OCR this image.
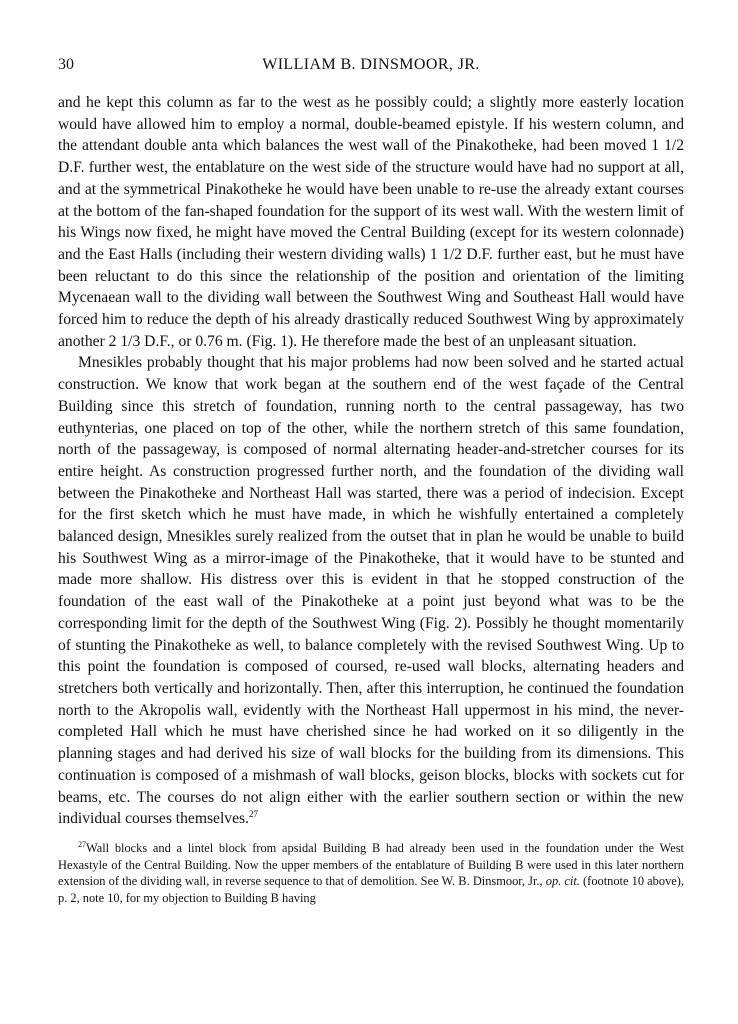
30	WILLIAM B. DINSMOOR, JR.

and he kept this column as far to the west as he possibly could; a slightly more easterly location would have allowed him to employ a normal, double-beamed epistyle. If his western column, and the attendant double anta which balances the west wall of the Pinakotheke, had been moved 1 1/2 D.F. further west, the entablature on the west side of the structure would have had no support at all, and at the symmetrical Pinakotheke he would have been unable to re-use the already extant courses at the bottom of the fan-shaped foundation for the support of its west wall. With the western limit of his Wings now fixed, he might have moved the Central Building (except for its western colonnade) and the East Halls (including their western dividing walls) 1 1/2 D.F. further east, but he must have been reluctant to do this since the relationship of the position and orientation of the limiting Mycenaean wall to the dividing wall between the Southwest Wing and Southeast Hall would have forced him to reduce the depth of his already drastically reduced Southwest Wing by approximately another 2 1/3 D.F., or 0.76 m. (Fig. 1). He therefore made the best of an unpleasant situation.

Mnesikles probably thought that his major problems had now been solved and he started actual construction. We know that work began at the southern end of the west façade of the Central Building since this stretch of foundation, running north to the central passageway, has two euthynterias, one placed on top of the other, while the northern stretch of this same foundation, north of the passageway, is composed of normal alternating header-and-stretcher courses for its entire height. As construction progressed further north, and the foundation of the dividing wall between the Pinakotheke and Northeast Hall was started, there was a period of indecision. Except for the first sketch which he must have made, in which he wishfully entertained a completely balanced design, Mnesikles surely realized from the outset that in plan he would be unable to build his Southwest Wing as a mirror-image of the Pinakotheke, that it would have to be stunted and made more shallow. His distress over this is evident in that he stopped construction of the foundation of the east wall of the Pinakotheke at a point just beyond what was to be the corresponding limit for the depth of the Southwest Wing (Fig. 2). Possibly he thought momentarily of stunting the Pinakotheke as well, to balance completely with the revised Southwest Wing. Up to this point the foundation is composed of coursed, re-used wall blocks, alternating headers and stretchers both vertically and horizontally. Then, after this interruption, he continued the foundation north to the Akropolis wall, evidently with the Northeast Hall uppermost in his mind, the never-completed Hall which he must have cherished since he had worked on it so diligently in the planning stages and had derived his size of wall blocks for the building from its dimensions. This continuation is composed of a mishmash of wall blocks, geison blocks, blocks with sockets cut for beams, etc. The courses do not align either with the earlier southern section or within the new individual courses themselves.$^{27}$

$^{27}$Wall blocks and a lintel block from apsidal Building B had already been used in the foundation under the West Hexastyle of the Central Building. Now the upper members of the entablature of Building B were used in this later northern extension of the dividing wall, in reverse sequence to that of demolition. See W. B. Dinsmoor, Jr., op. cit. (footnote 10 above), p. 2, note 10, for my objection to Building B having
